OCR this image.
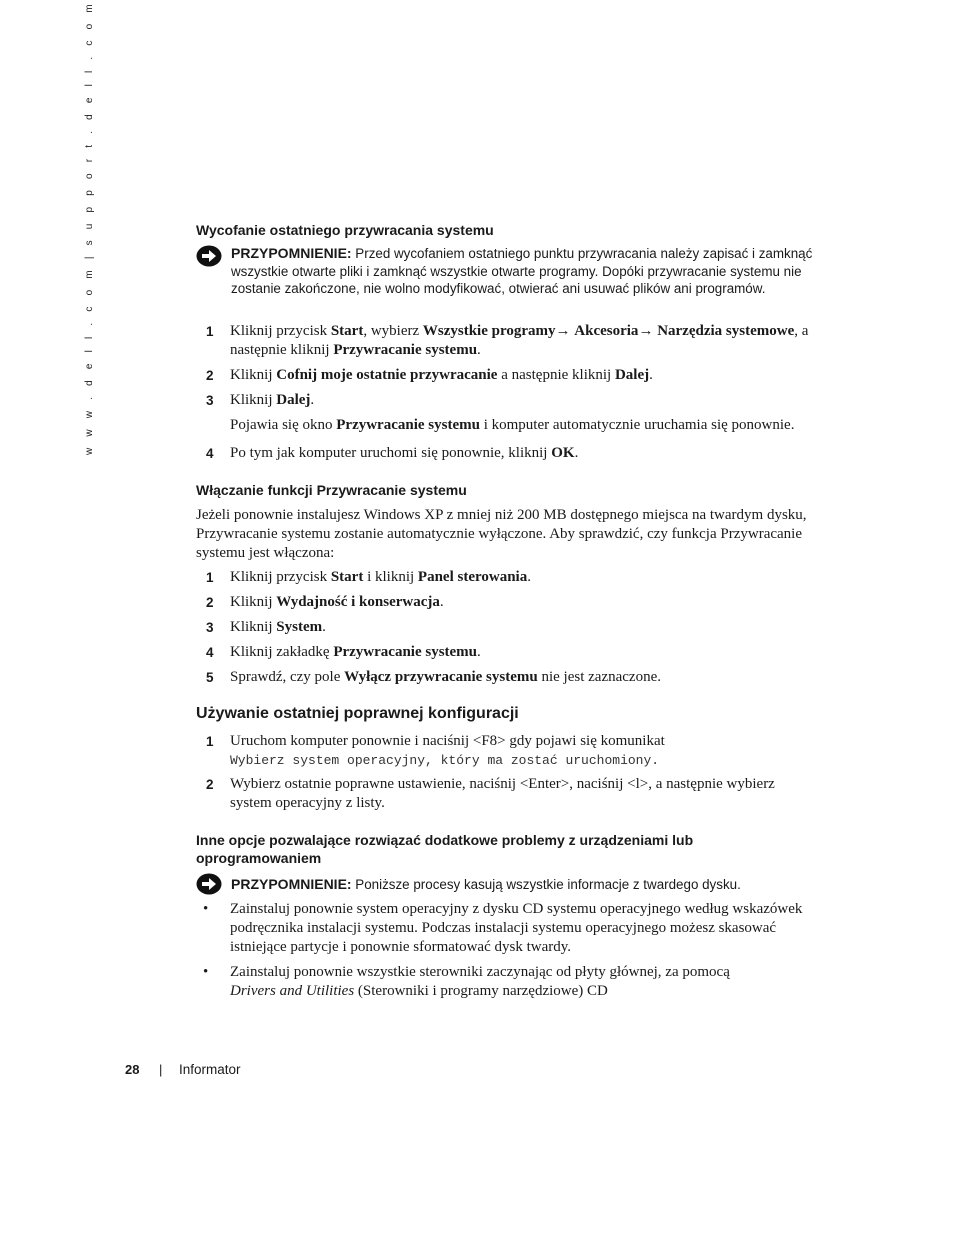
w w w . d e l l . c o m | s u p p o r t . d e l l . c o m	Wycofanie ostatniego przywracania systemu
PRZYPOMNIENIE: Przed wycofaniem ostatniego punktu przywracania należy zapisać i zamknąć wszystkie otwarte pliki i zamknąć wszystkie otwarte programy. Dopóki przywracanie systemu nie zostanie zakończone, nie wolno modyfikować, otwierać ani usuwać plików ani programów.
1 Kliknij przycisk Start, wybierz Wszystkie programy→ Akcesoria→ Narzędzia systemowe, a następnie kliknij Przywracanie systemu.
2 Kliknij Cofnij moje ostatnie przywracanie a następnie kliknij Dalej.
3 Kliknij Dalej.
Pojawia się okno Przywracanie systemu i komputer automatycznie uruchamia się ponownie.
4 Po tym jak komputer uruchomi się ponownie, kliknij OK.
Włączanie funkcji Przywracanie systemu
Jeżeli ponownie instalujesz Windows XP z mniej niż 200 MB dostępnego miejsca na twardym dysku, Przywracanie systemu zostanie automatycznie wyłączone. Aby sprawdzić, czy funkcja Przywracanie systemu jest włączona:
1 Kliknij przycisk Start i kliknij Panel sterowania.
2 Kliknij Wydajność i konserwacja.
3 Kliknij System.
4 Kliknij zakładkę Przywracanie systemu.
5 Sprawdź, czy pole Wyłącz przywracanie systemu nie jest zaznaczone.
Używanie ostatniej poprawnej konfiguracji
1 Uruchom komputer ponownie i naciśnij <F8> gdy pojawi się komunikat
Wybierz system operacyjny, który ma zostać uruchomiony.
2 Wybierz ostatnie poprawne ustawienie, naciśnij <Enter>, naciśnij <l>, a następnie wybierz system operacyjny z listy.
Inne opcje pozwalające rozwiązać dodatkowe problemy z urządzeniami lub oprogramowaniem
PRZYPOMNIENIE: Poniższe procesy kasują wszystkie informacje z twardego dysku.
• Zainstaluj ponownie system operacyjny z dysku CD systemu operacyjnego według wskazówek podręcznika instalacji systemu. Podczas instalacji systemu operacyjnego możesz skasować istniejące partycje i ponownie sformatować dysk twardy.
• Zainstaluj ponownie wszystkie sterowniki zaczynając od płyty głównej, za pomocą Drivers and Utilities (Sterowniki i programy narzędziowe) CD
28 | Informator
